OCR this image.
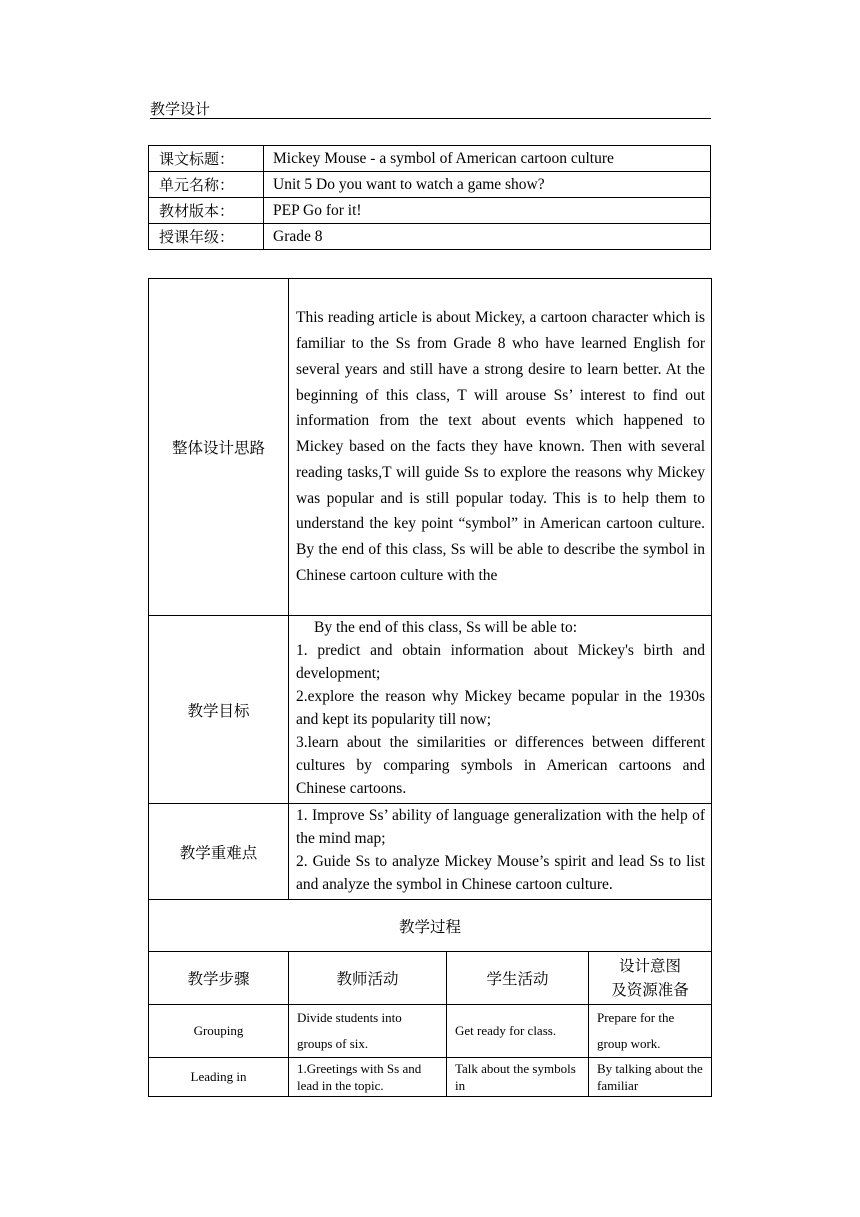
教学设计
课文标题：	Mickey Mouse - a symbol of American cartoon culture
单元名称：	Unit 5 Do you want to watch a game show?
教材版本：	PEP Go for it!
授课年级：	Grade 8
整体设计思路	This reading article is about Mickey, a cartoon character which is familiar to the Ss from Grade 8 who have learned English for several years and still have a strong desire to learn better. At the beginning of this class, T will arouse Ss’ interest to find out information from the text about events which happened to Mickey based on the facts they have known. Then with several reading tasks,T will guide Ss to explore the reasons why Mickey was popular and is still popular today. This is to help them to understand the key point “symbol” in American cartoon culture. By the end of this class, Ss will be able to describe the symbol in Chinese cartoon culture with the		
教学目标	By the end of this class, Ss will be able to:
1. predict and obtain information about Mickey's birth and development;
2.explore the reason why Mickey became popular in the 1930s and kept its popularity till now;
3.learn about the similarities or differences between different cultures by comparing symbols in American cartoons and Chinese cartoons.		

教学重难点	1. Improve Ss’ ability of language generalization with the help of the mind map;
2. Guide Ss to analyze Mickey Mouse’s spirit and lead Ss to list and analyze the symbol in Chinese cartoon culture.		

教学过程			
教学步骤	教师活动	学生活动	设计意图
及资源准备

Grouping	Divide students into groups of six.	Get ready for class.	Prepare for the group work.
Leading in	1.Greetings with Ss and lead in the topic.	Talk about the symbols in	By talking about the familiar
